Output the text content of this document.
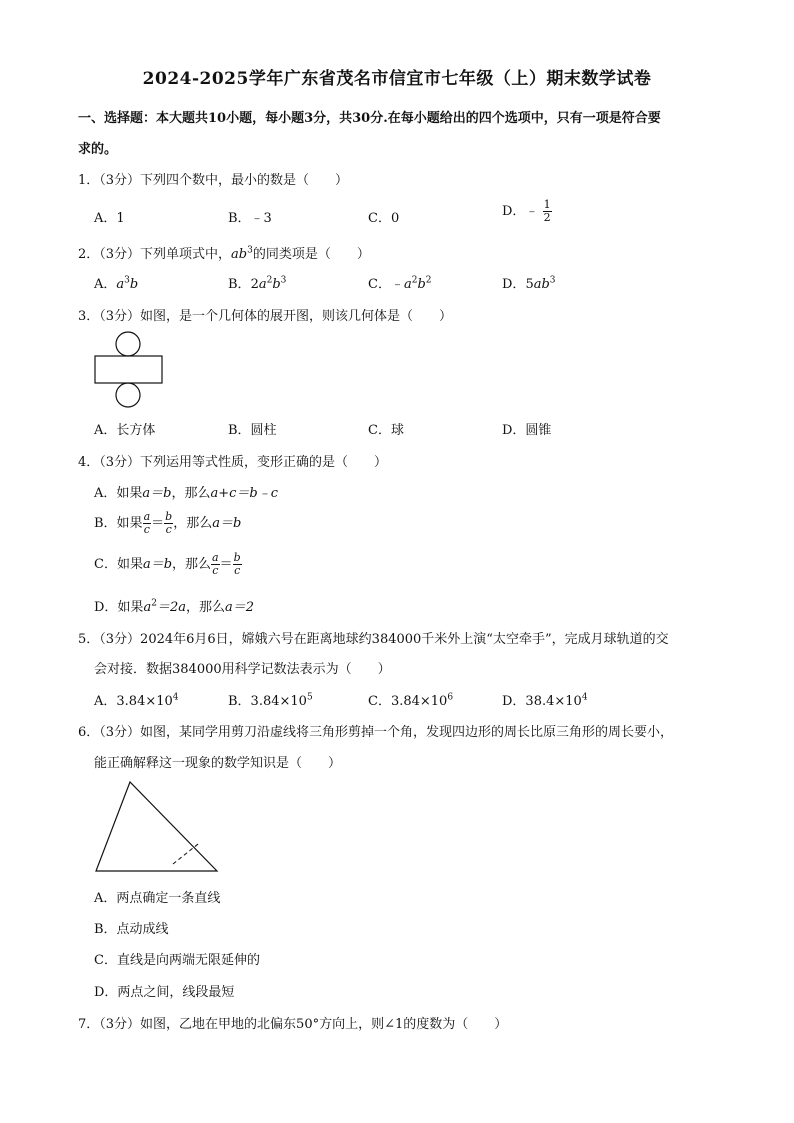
2024-2025学年广东省茂名市信宜市七年级（上）期末数学试卷
一、选择题：本大题共10小题，每小题3分，共30分.在每小题给出的四个选项中，只有一项是符合要
求的。
1．（3分）下列四个数中，最小的数是（　　）
A．1	B．﹣3	C．0	D．﹣ $\frac{1}{2}$
2．（3分）下列单项式中，$ab^3$的同类项是（　　）
A．$a^3b$	B．$2a^2b^3$	C．$﹣a^2b^2$	D．$5ab^3$
3．（3分）如图，是一个几何体的展开图，则该几何体是（　　）
A．长方体	B．圆柱	C．球	D．圆锥
4．（3分）下列运用等式性质，变形正确的是（　　）
A．如果a＝b，那么a+c＝b﹣c
B．如果 $\frac{a}{c} = \frac{b}{c}$ ，那么a＝b
C．如果a＝b，那么 $\frac{a}{c} = \frac{b}{c}$
D．如果$a^2=2a$，那么a＝2
5．（3分）2024年6月6日，嫦娥六号在距离地球约384000千米外上演“太空牵手”，完成月球轨道的交
会对接．数据384000用科学记数法表示为（　　）
A．$3.84\times 10^4$	B．$3.84\times 10^5$	C．$3.84\times 10^6$	D．$38.4\times 10^4$
6．（3分）如图，某同学用剪刀沿虚线将三角形剪掉一个角，发现四边形的周长比原三角形的周长要小，
能正确解释这一现象的数学知识是（　　）
A．两点确定一条直线
B．点动成线
C．直线是向两端无限延伸的
D．两点之间，线段最短
7．（3分）如图，乙地在甲地的北偏东50°方向上，则∠1的度数为（　　）
